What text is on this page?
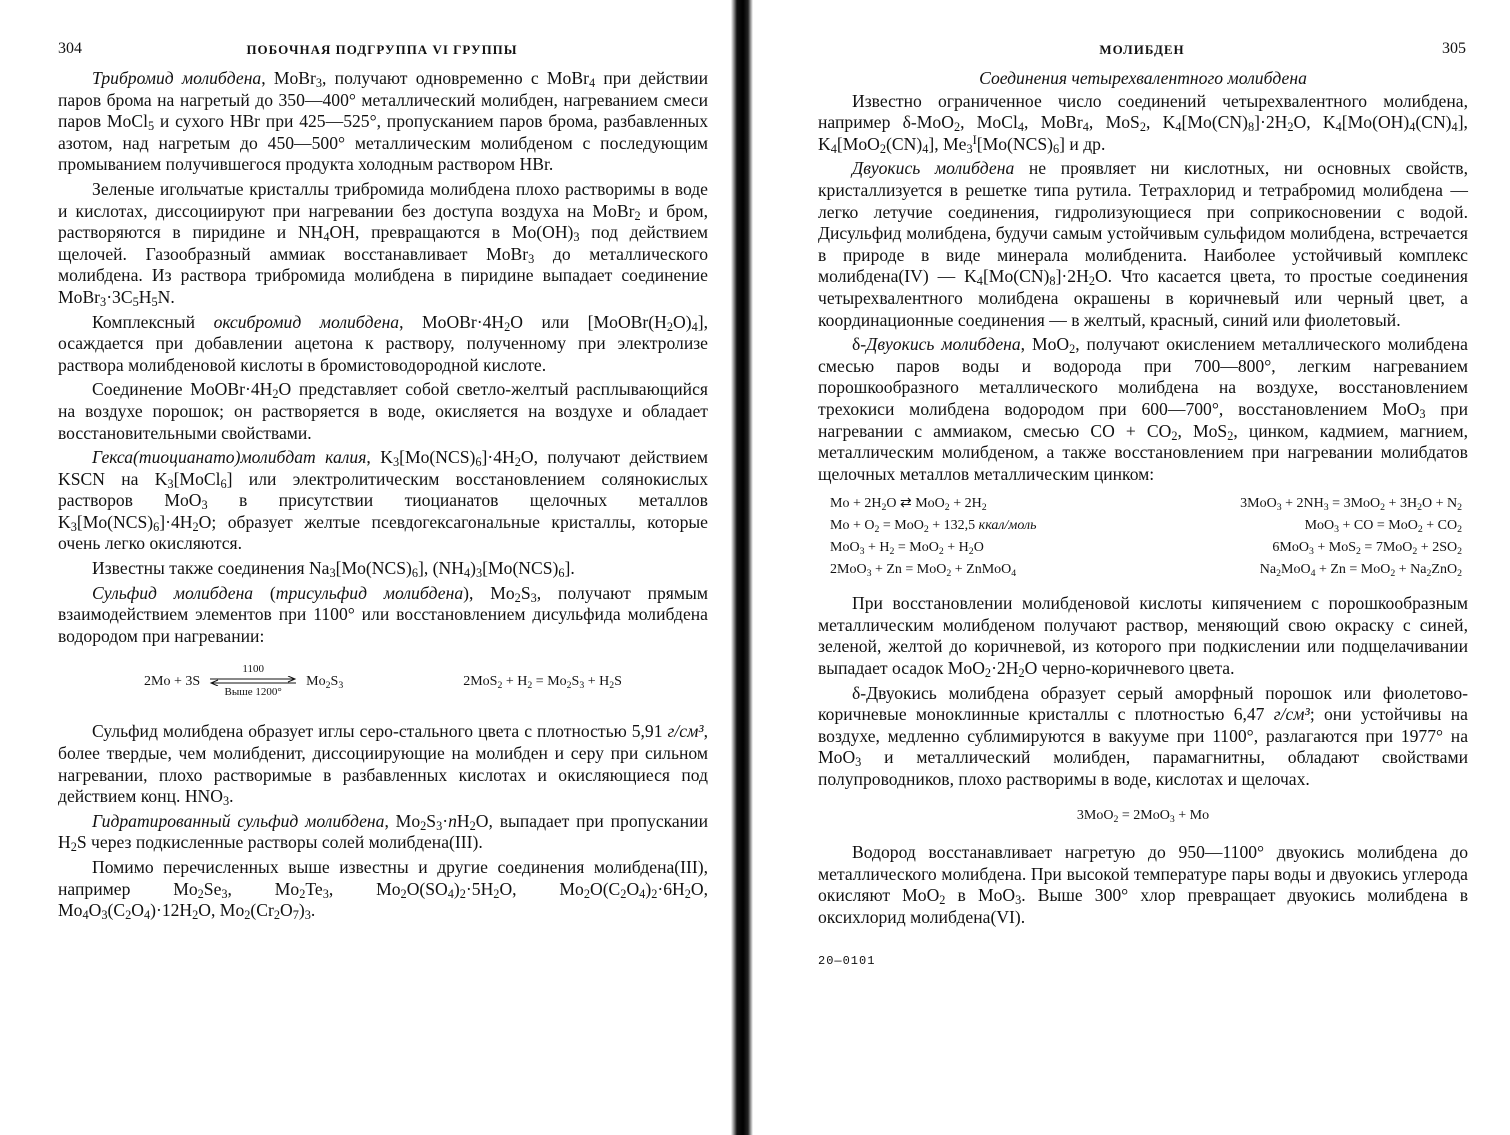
304	ПОБОЧНАЯ ПОДГРУППА VI ГРУППЫ

Трибромид молибдена, MoBr$_3$, получают одновременно с MoBr$_4$ при действии паров брома на нагретый до 350—400° металлический молибден, нагреванием смеси паров MoCl$_5$ и сухого HBr при 425—525°, пропусканием паров брома, разбавленных азотом, над нагретым до 450—500° металлическим молибденом с последующим промыванием получившегося продукта холодным раствором HBr.

Зеленые игольчатые кристаллы трибромида молибдена плохо растворимы в воде и кислотах, диссоциируют при нагревании без доступа воздуха на MoBr$_2$ и бром, растворяются в пиридине и $NH_4OH$, превращаются в $Mo(OH)_3$ под действием щелочей. Газообразный аммиак восстанавливает MoBr$_3$ до металлического молибдена. Из раствора трибромида молибдена в пиридине выпадает соединение $MoBr_3\cdot 3C_5H_5N$.

Комплексный оксибромид молибдена, $MoOBr\cdot 4H_2O$ или $[MoOBr(H_2O)_4]$, осаждается при добавлении ацетона к раствору, полученному при электролизе раствора молибденовой кислоты в бромистоводородной кислоте.

Соединение $MoOBr\cdot 4H_2O$ представляет собой светло-желтый расплывающийся на воздухе порошок; он растворяется в воде, окисляется на воздухе и обладает восстановительными свойствами.

Гекса(тиоцианато)молибдат калия, $K_3[Mo(NCS)_6]\cdot 4H_2O$, получают действием KSCN на $K_3[MoCl_6]$ или электролитическим восстановлением солянокислых растворов MoO$_3$ в присутствии тиоцианатов щелочных металлов $K_3[Mo(NCS)_6]\cdot 4H_2O$; образует желтые псевдогексагональные кристаллы, которые очень легко окисляются.

Известны также соединения $Na_3[Mo(NCS)_6]$, $(NH_4)_3[Mo(NCS)_6]$.

Сульфид молибдена (трисульфид молибдена), $Mo_2S_3$, получают прямым взаимодействием элементов при 1100° или восстановлением дисульфида молибдена водородом при нагревании:

2Mo + 3S
1100
Выше 1200°
$Mo_2S_3$	$2MoS_2 + H_2 = Mo_2S_3 + H_2S$

Сульфид молибдена образует иглы серо-стального цвета с плотностью 5,91 г/см³, более твердые, чем молибденит, диссоциирующие на молибден и серу при сильном нагревании, плохо растворимые в разбавленных кислотах и окисляющиеся под действием конц. $HNO_3$.

Гидратированный сульфид молибдена, $Mo_2S_3\cdot nH_2O$, выпадает при пропускании $H_2S$ через подкисленные растворы солей молибдена(III).

Помимо перечисленных выше известны и другие соединения молибдена(III), например $Mo_2Se_3$, $Mo_2Te_3$, $Mo_2O(SO_4)_2\cdot 5H_2O$, $Mo_2O(C_2O_4)_2\cdot 6H_2O$, $Mo_4O_3(C_2O_4)\cdot 12H_2O$, $Mo_2(Cr_2O_7)_3$.

МОЛИБДЕН	305

Соединения четырехвалентного молибдена

Известно ограниченное число соединений четырехвалентного молибдена, например δ-MoO$_2$, MoCl$_4$, MoBr$_4$, MoS$_2$, $K_4[Mo(CN)_8]\cdot 2H_2O$, $K_4[Mo(OH)_4(CN)_4]$, $K_4[MoO_2(CN)_4]$, $Me_3^I[Mo(NCS)_6]$ и др.

Двуокись молибдена не проявляет ни кислотных, ни основных свойств, кристаллизуется в решетке типа рутила. Тетрахлорид и тетрабромид молибдена — легко летучие соединения, гидролизующиеся при соприкосновении с водой. Дисульфид молибдена, будучи самым устойчивым сульфидом молибдена, встречается в природе в виде минерала молибденита. Наиболее устойчивый комплекс молибдена(IV) — $K_4[Mo(CN)_8]\cdot 2H_2O$. Что касается цвета, то простые соединения четырехвалентного молибдена окрашены в коричневый или черный цвет, а координационные соединения — в желтый, красный, синий или фиолетовый.

δ-Двуокись молибдена, MoO$_2$, получают окислением металлического молибдена смесью паров воды и водорода при 700—800°, легким нагреванием порошкообразного металлического молибдена на воздухе, восстановлением трехокиси молибдена водородом при 600—700°, восстановлением MoO$_3$ при нагревании с аммиаком, смесью CO + $CO_2$, MoS$_2$, цинком, кадмием, магнием, металлическим молибденом, а также восстановлением при нагревании молибдатов щелочных металлов металлическим цинком:

$Mo + 2H_2O$ ⇄ $MoO_2 + 2H_2$	$3MoO_3 + 2NH_3 = 3MoO_2 + 3H_2O + N_2$
$Mo + O_2 = MoO_2 + 132,5$ ккал/моль	MoO$_3$ + CO = $MoO_2 + CO_2$
$MoO_3 + H_2 = MoO_2 + H_2O$	$6MoO_3 + MoS_2 = 7MoO_2 + 2SO_2$
2MoO$_3$ + Zn = MoO$_2$ + ZnMoO$_4$	$Na_2MoO_4 + Zn = MoO_2 + Na_2ZnO_2$

При восстановлении молибденовой кислоты кипячением с порошкообразным металлическим молибденом получают раствор, меняющий свою окраску с синей, зеленой, желтой до коричневой, из которого при подкислении или подщелачивании выпадает осадок $MoO_2\cdot 2H_2O$ черно-коричневого цвета.

δ-Двуокись молибдена образует серый аморфный порошок или фиолетово-коричневые моноклинные кристаллы с плотностью 6,47 г/см³; они устойчивы на воздухе, медленно сублимируются в вакууме при 1100°, разлагаются при 1977° на MoO$_3$ и металлический молибден, парамагнитны, обладают свойствами полупроводников, плохо растворимы в воде, кислотах и щелочах.

3MoO$_2$ = 2MoO$_3$ + Mo

Водород восстанавливает нагретую до 950—1100° двуокись молибдена до металлического молибдена. При высокой температуре пары воды и двуокись углерода окисляют MoO$_2$ в MoO$_3$. Выше 300° хлор превращает двуокись молибдена в оксихлорид молибдена(VI).

20—0101
